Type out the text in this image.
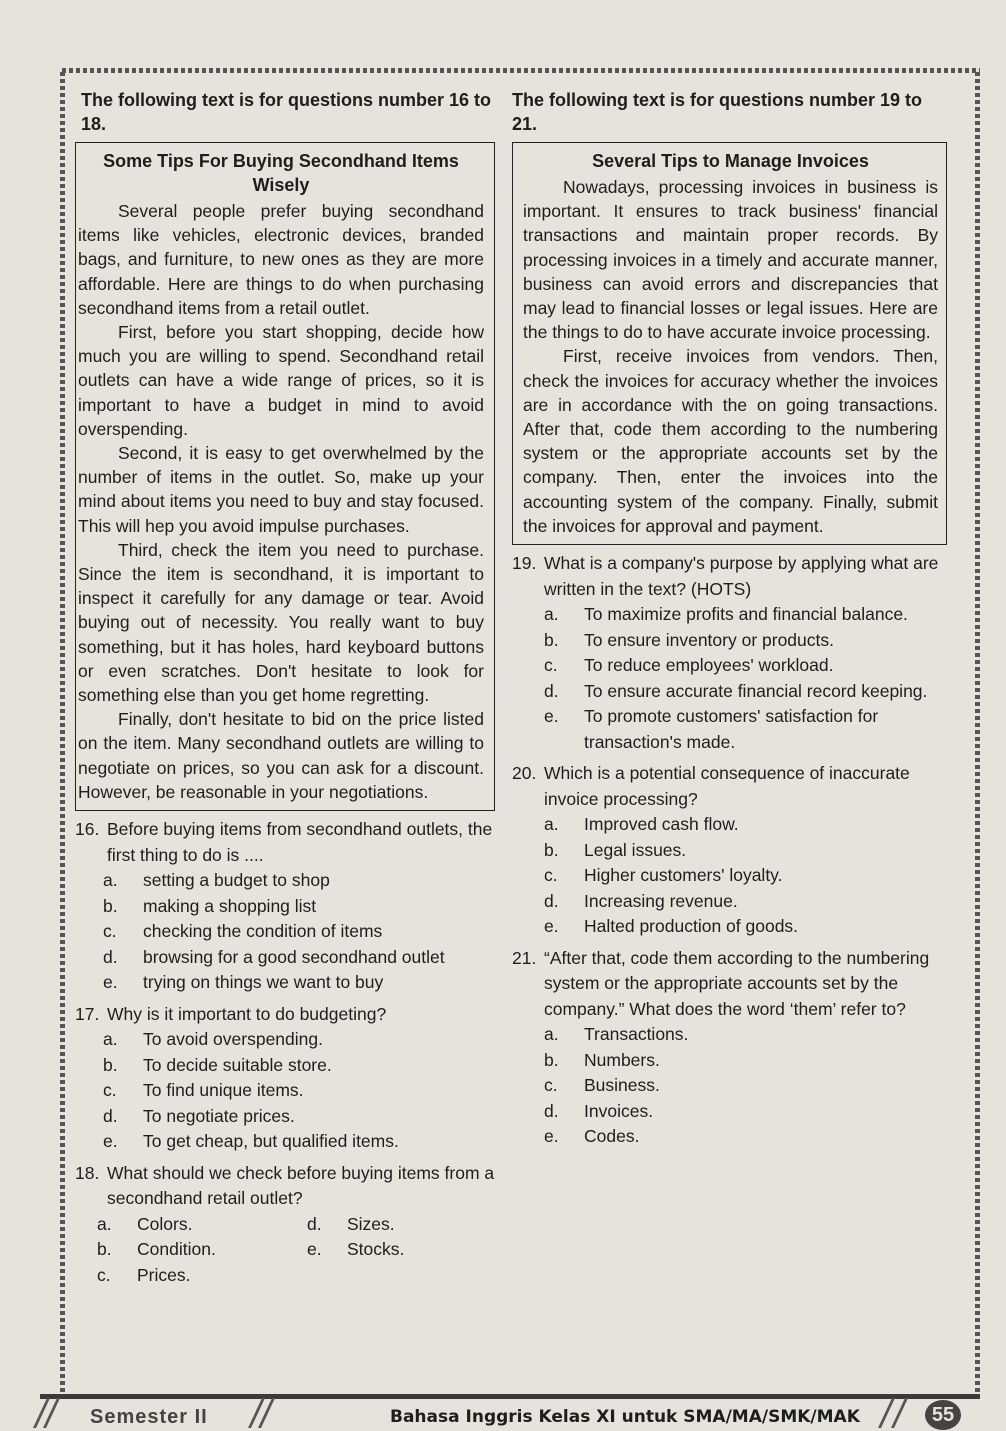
The following text is for questions number 16 to 18.
Some Tips For Buying Secondhand Items Wisely

Several people prefer buying secondhand items like vehicles, electronic devices, branded bags, and furniture, to new ones as they are more affordable. Here are things to do when purchasing secondhand items from a retail outlet.

First, before you start shopping, decide how much you are willing to spend. Secondhand retail outlets can have a wide range of prices, so it is important to have a budget in mind to avoid overspending.

Second, it is easy to get overwhelmed by the number of items in the outlet. So, make up your mind about items you need to buy and stay focused. This will hep you avoid impulse purchases.

Third, check the item you need to purchase. Since the item is secondhand, it is important to inspect it carefully for any damage or tear. Avoid buying out of necessity. You really want to buy something, but it has holes, hard keyboard buttons or even scratches. Don't hesitate to look for something else than you get home regretting.

Finally, don't hesitate to bid on the price listed on the item. Many secondhand outlets are willing to negotiate on prices, so you can ask for a discount. However, be reasonable in your negotiations.

16. Before buying items from secondhand outlets, the first thing to do is ....
a.	setting a budget to shop
b.	making a shopping list
c.	checking the condition of items
d.	browsing for a good secondhand outlet
e.	trying on things we want to buy
17. Why is it important to do budgeting?
a.	To avoid overspending.
b.	To decide suitable store.
c.	To find unique items.
d.	To negotiate prices.
e.	To get cheap, but qualified items.
18. What should we check before buying items from a secondhand retail outlet?
a.	Colors.	d.	Sizes.
b.	Condition.	e.	Stocks.
c.	Prices.
The following text is for questions number 19 to 21.
Several Tips to Manage Invoices

Nowadays, processing invoices in business is important. It ensures to track business' financial transactions and maintain proper records. By processing invoices in a timely and accurate manner, business can avoid errors and discrepancies that may lead to financial losses or legal issues. Here are the things to do to have accurate invoice processing.

First, receive invoices from vendors. Then, check the invoices for accuracy whether the invoices are in accordance with the on going transactions. After that, code them according to the numbering system or the appropriate accounts set by the company. Then, enter the invoices into the accounting system of the company. Finally, submit the invoices for approval and payment.

19. What is a company's purpose by applying what are written in the text? (HOTS)
a.	To maximize profits and financial balance.
b.	To ensure inventory or products.
c.	To reduce employees' workload.
d.	To ensure accurate financial record keeping.
e.	To promote customers' satisfaction for transaction's made.
20. Which is a potential consequence of inaccurate invoice processing?
a.	Improved cash flow.
b.	Legal issues.
c.	Higher customers' loyalty.
d.	Increasing revenue.
e.	Halted production of goods.
21. “After that, code them according to the numbering system or the appropriate accounts set by the company.” What does the word ‘them’ refer to?
a.	Transactions.
b.	Numbers.
c.	Business.
d.	Invoices.
e.	Codes.
Semester II	Bahasa Inggris Kelas XI untuk SMA/MA/SMK/MAK	55
